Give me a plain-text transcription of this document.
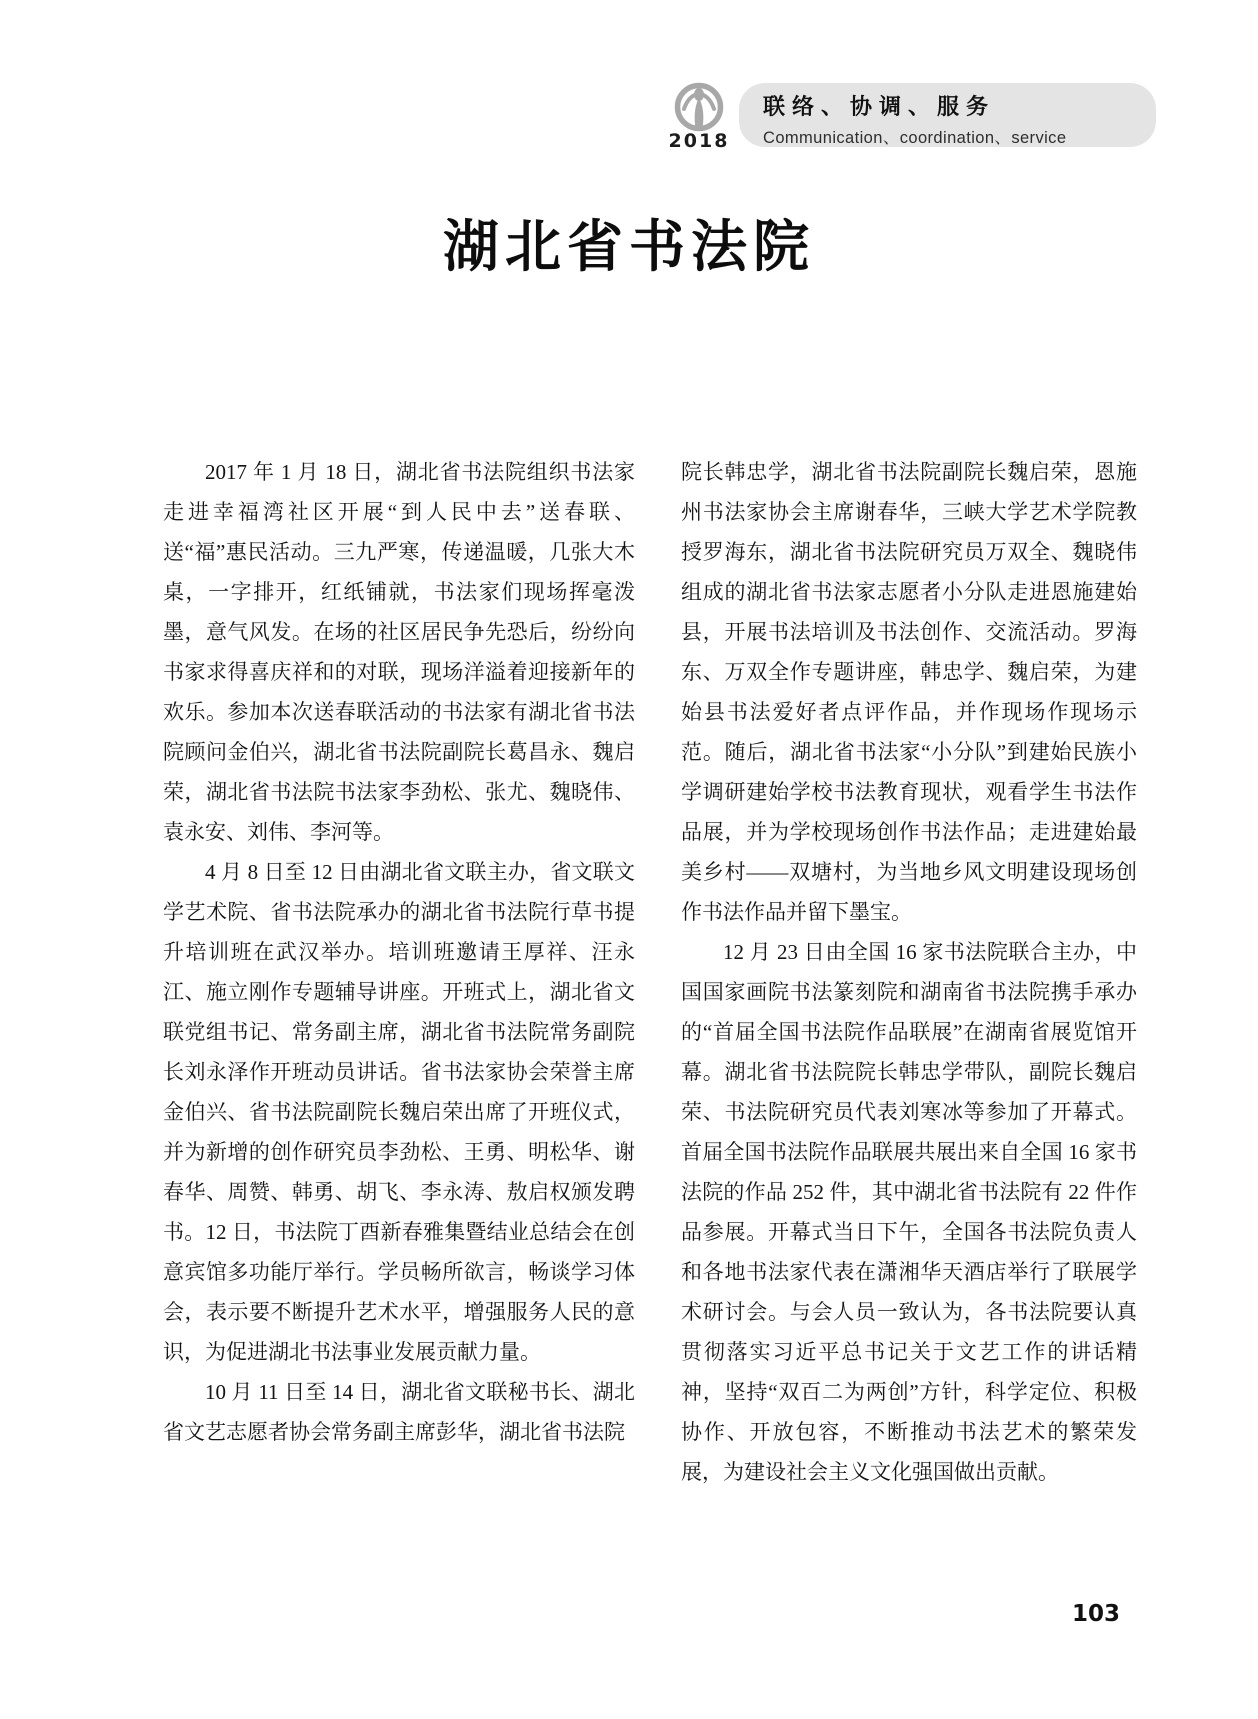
2018
联络、协调、服务
Communication、coordination、service
湖北省书法院

2017 年 1 月 18 日，湖北省书法院组织书法家走进幸福湾社区开展“到人民中去”送春联、送“福”惠民活动。三九严寒，传递温暖，几张大木桌，一字排开，红纸铺就，书法家们现场挥毫泼墨，意气风发。在场的社区居民争先恐后，纷纷向书家求得喜庆祥和的对联，现场洋溢着迎接新年的欢乐。参加本次送春联活动的书法家有湖北省书法院顾问金伯兴，湖北省书法院副院长葛昌永、魏启荣，湖北省书法院书法家李劲松、张尤、魏晓伟、袁永安、刘伟、李河等。

4 月 8 日至 12 日由湖北省文联主办，省文联文学艺术院、省书法院承办的湖北省书法院行草书提升培训班在武汉举办。培训班邀请王厚祥、汪永江、施立刚作专题辅导讲座。开班式上，湖北省文联党组书记、常务副主席，湖北省书法院常务副院长刘永泽作开班动员讲话。省书法家协会荣誉主席金伯兴、省书法院副院长魏启荣出席了开班仪式，并为新增的创作研究员李劲松、王勇、明松华、谢春华、周赞、韩勇、胡飞、李永涛、敖启权颁发聘书。12 日，书法院丁酉新春雅集暨结业总结会在创意宾馆多功能厅举行。学员畅所欲言，畅谈学习体会，表示要不断提升艺术水平，增强服务人民的意识，为促进湖北书法事业发展贡献力量。

10 月 11 日至 14 日，湖北省文联秘书长、湖北省文艺志愿者协会常务副主席彭华，湖北省书法院

院长韩忠学，湖北省书法院副院长魏启荣，恩施州书法家协会主席谢春华，三峡大学艺术学院教授罗海东，湖北省书法院研究员万双全、魏晓伟组成的湖北省书法家志愿者小分队走进恩施建始县，开展书法培训及书法创作、交流活动。罗海东、万双全作专题讲座，韩忠学、魏启荣，为建始县书法爱好者点评作品，并作现场作现场示范。随后，湖北省书法家“小分队”到建始民族小学调研建始学校书法教育现状，观看学生书法作品展，并为学校现场创作书法作品；走进建始最美乡村——双塘村，为当地乡风文明建设现场创作书法作品并留下墨宝。

12 月 23 日由全国 16 家书法院联合主办，中国国家画院书法篆刻院和湖南省书法院携手承办的“首届全国书法院作品联展”在湖南省展览馆开幕。湖北省书法院院长韩忠学带队，副院长魏启荣、书法院研究员代表刘寒冰等参加了开幕式。首届全国书法院作品联展共展出来自全国 16 家书法院的作品 252 件，其中湖北省书法院有 22 件作品参展。开幕式当日下午，全国各书法院负责人和各地书法家代表在潇湘华天酒店举行了联展学术研讨会。与会人员一致认为，各书法院要认真贯彻落实习近平总书记关于文艺工作的讲话精神，坚持“双百二为两创”方针，科学定位、积极协作、开放包容，不断推动书法艺术的繁荣发展，为建设社会主义文化强国做出贡献。

103
